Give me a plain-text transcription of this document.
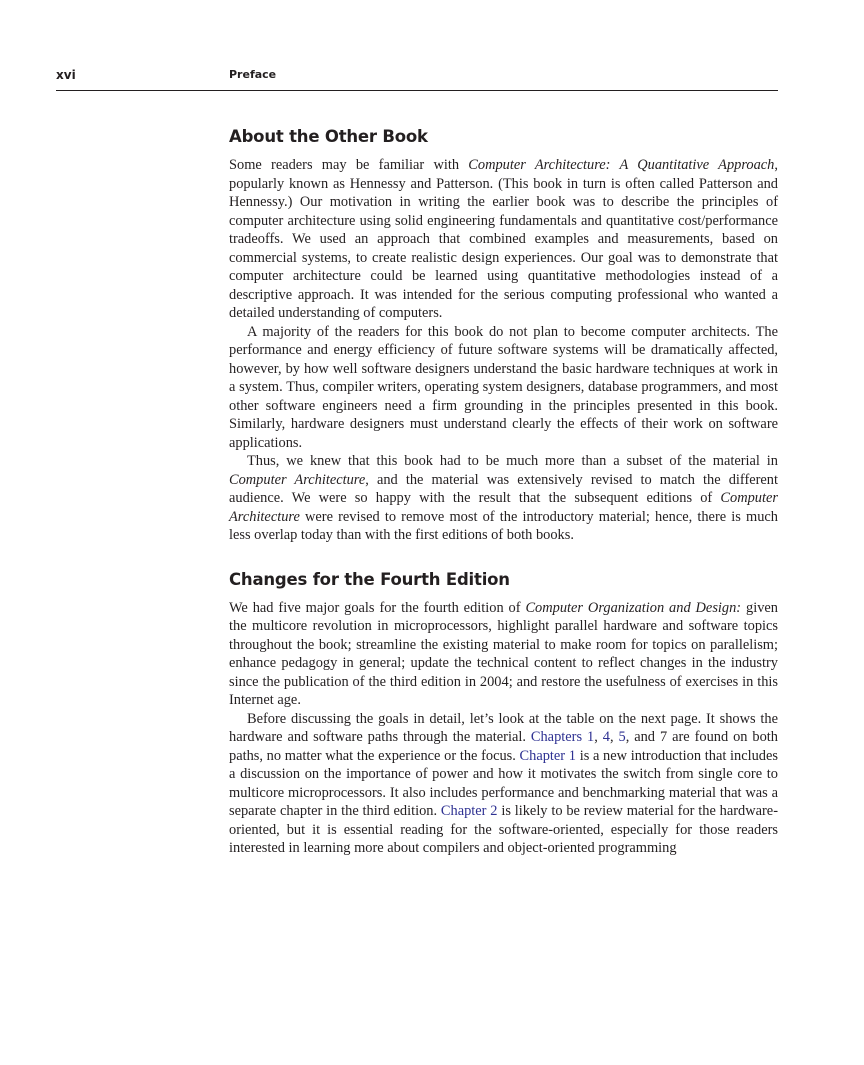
xvi	Preface
About the Other Book

Some readers may be familiar with Computer Architecture: A Quantitative Approach, popularly known as Hennessy and Patterson. (This book in turn is often called Patterson and Hennessy.) Our motivation in writing the earlier book was to describe the principles of computer architecture using solid engineering fundamentals and quantitative cost/performance tradeoffs. We used an approach that combined examples and measurements, based on commercial systems, to create realistic design experiences. Our goal was to demonstrate that computer architecture could be learned using quantitative methodologies instead of a descriptive approach. It was intended for the serious computing professional who wanted a detailed understanding of computers.

A majority of the readers for this book do not plan to become computer architects. The performance and energy efficiency of future software systems will be dramatically affected, however, by how well software designers understand the basic hardware techniques at work in a system. Thus, compiler writers, operating system designers, database programmers, and most other software engineers need a firm grounding in the principles presented in this book. Similarly, hardware designers must understand clearly the effects of their work on software applications.

Thus, we knew that this book had to be much more than a subset of the material in Computer Architecture, and the material was extensively revised to match the different audience. We were so happy with the result that the subsequent editions of Computer Architecture were revised to remove most of the introductory material; hence, there is much less overlap today than with the first editions of both books.

Changes for the Fourth Edition

We had five major goals for the fourth edition of Computer Organization and Design: given the multicore revolution in microprocessors, highlight parallel hardware and software topics throughout the book; streamline the existing material to make room for topics on parallelism; enhance pedagogy in general; update the technical content to reflect changes in the industry since the publication of the third edition in 2004; and restore the usefulness of exercises in this Internet age.

Before discussing the goals in detail, let’s look at the table on the next page. It shows the hardware and software paths through the material. Chapters 1, 4, 5, and 7 are found on both paths, no matter what the experience or the focus. Chapter 1 is a new introduction that includes a discussion on the importance of power and how it motivates the switch from single core to multicore microprocessors. It also includes performance and benchmarking material that was a separate chapter in the third edition. Chapter 2 is likely to be review material for the hardware-oriented, but it is essential reading for the software-oriented, especially for those readers interested in learning more about compilers and object-oriented programming
